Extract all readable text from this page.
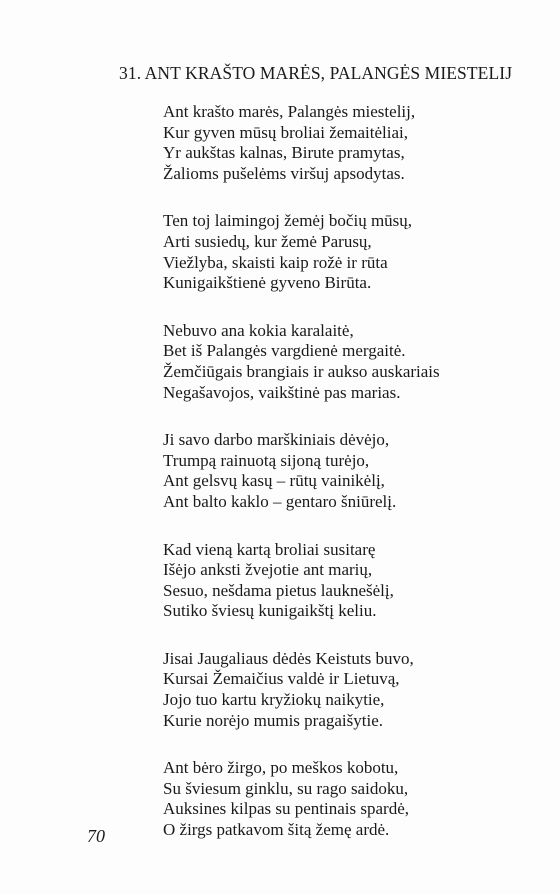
31. ANT KRAŠTO MARĖS, PALANGĖS MIESTELIJ
Ant krašto marės, Palangės miestelij,
Kur gyven mūsų broliai žemaitėliai,
Yr aukštas kalnas, Birute pramytas,
Žalioms pušelėms viršuj apsodytas.
Ten toj laimingoj žemėj bočių mūsų,
Arti susiedų, kur žemė Parusų,
Viežlyba, skaisti kaip rožė ir rūta
Kunigaikštienė gyveno Birūta.
Nebuvo ana kokia karalaitė,
Bet iš Palangės vargdienė mergaitė.
Žemčiūgais brangiais ir aukso auskariais
Negašavojos, vaikštinė pas marias.
Ji savo darbo marškiniais dėvėjo,
Trumpą rainuotą sijoną turėjo,
Ant gelsvų kasų – rūtų vainikėlį,
Ant balto kaklo – gentaro šniūrelį.
Kad vieną kartą broliai susitarę
Išėjo anksti žvejotie ant marių,
Sesuo, nešdama pietus lauknešėlį,
Sutiko šviesų kunigaikštį keliu.
Jisai Jaugaliaus dėdės Keistuts buvo,
Kursai Žemaičius valdė ir Lietuvą,
Jojo tuo kartu kryžiokų naikytie,
Kurie norėjo mumis pragaišytie.
Ant bėro žirgo, po meškos kobotu,
Su šviesum ginklu, su rago saidoku,
Auksines kilpas su pentinais spardė,
O žirgs patkavom šitą žemę ardė.
70
